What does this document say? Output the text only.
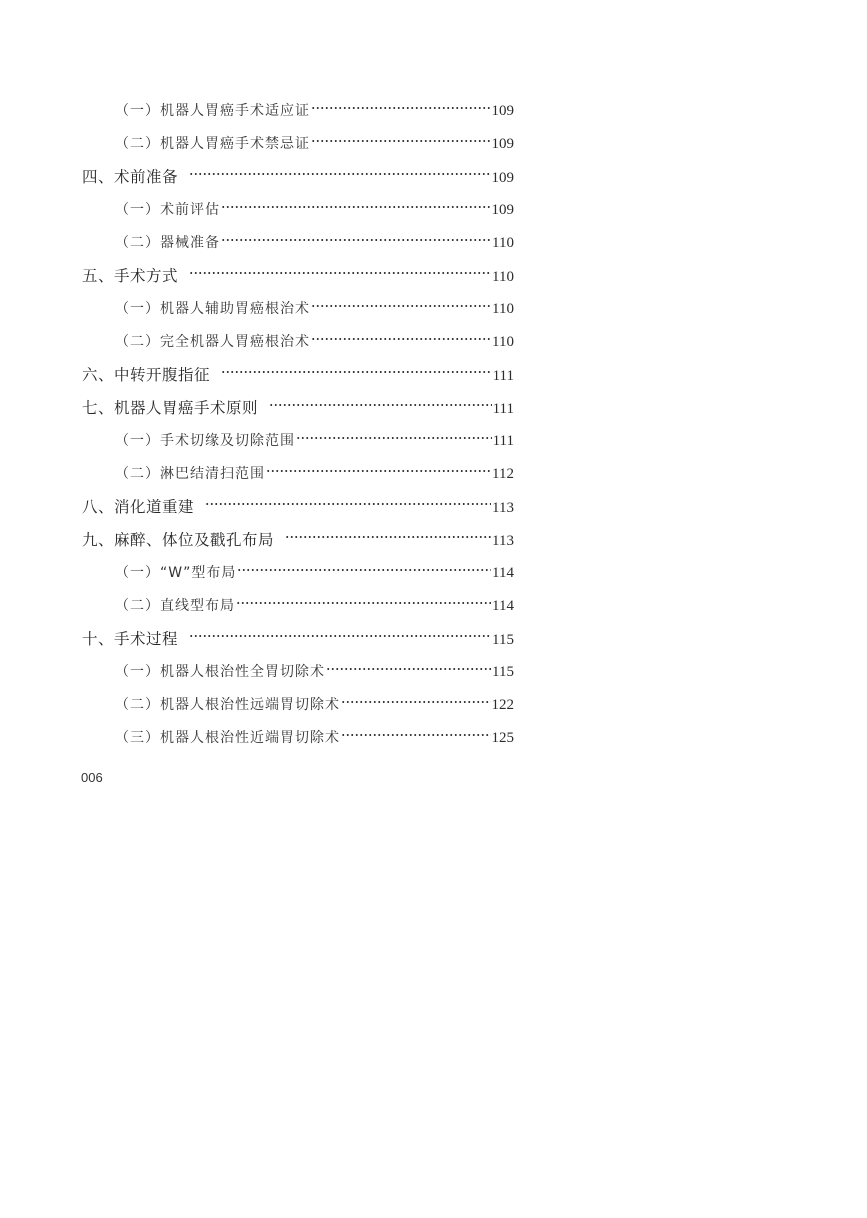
（一）机器人胃癌手术适应证	109
（二）机器人胃癌手术禁忌证	109
四、术前准备	109
（一）术前评估	109
（二）器械准备	110
五、手术方式	110
（一）机器人辅助胃癌根治术	110
（二）完全机器人胃癌根治术	110
六、中转开腹指征	111
七、机器人胃癌手术原则	111
（一）手术切缘及切除范围	111
（二）淋巴结清扫范围	112
八、消化道重建	113
九、麻醉、体位及戳孔布局	113
（一）“W”型布局	114
（二）直线型布局	114
十、手术过程	115
（一）机器人根治性全胃切除术	115
（二）机器人根治性远端胃切除术	122
（三）机器人根治性近端胃切除术	125
006
